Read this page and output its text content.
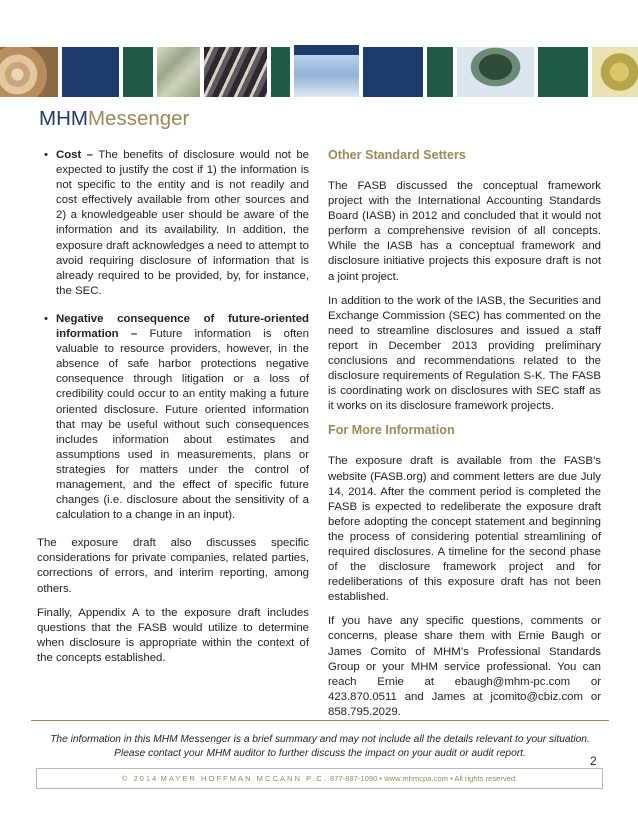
MHMMessenger
• Cost – The benefits of disclosure would not be expected to justify the cost if 1) the information is not specific to the entity and is not readily and cost effectively available from other sources and 2) a knowledgeable user should be aware of the information and its availability. In addition, the exposure draft acknowledges a need to attempt to avoid requiring disclosure of information that is already required to be provided, by, for instance, the SEC.
• Negative consequence of future-oriented information – Future information is often valuable to resource providers, however, in the absence of safe harbor protections negative consequence through litigation or a loss of credibility could occur to an entity making a future oriented disclosure. Future oriented information that may be useful without such consequences includes information about estimates and assumptions used in measurements, plans or strategies for matters under the control of management, and the effect of specific future changes (i.e. disclosure about the sensitivity of a calculation to a change in an input).

The exposure draft also discusses specific considerations for private companies, related parties, corrections of errors, and interim reporting, among others.

Finally, Appendix A to the exposure draft includes questions that the FASB would utilize to determine when disclosure is appropriate within the context of the concepts established.

Other Standard Setters

The FASB discussed the conceptual framework project with the International Accounting Standards Board (IASB) in 2012 and concluded that it would not perform a comprehensive revision of all concepts. While the IASB has a conceptual framework and disclosure initiative projects this exposure draft is not a joint project.

In addition to the work of the IASB, the Securities and Exchange Commission (SEC) has commented on the need to streamline disclosures and issued a staff report in December 2013 providing preliminary conclusions and recommendations related to the disclosure requirements of Regulation S-K. The FASB is coordinating work on disclosures with SEC staff as it works on its disclosure framework projects.

For More Information

The exposure draft is available from the FASB’s website (FASB.org) and comment letters are due July 14, 2014. After the comment period is completed the FASB is expected to redeliberate the exposure draft before adopting the concept statement and beginning the process of considering potential streamlining of required disclosures. A timeline for the second phase of the disclosure framework project and for redeliberations of this exposure draft has not been established.

If you have any specific questions, comments or concerns, please share them with Ernie Baugh or James Comito of MHM’s Professional Standards Group or your MHM service professional. You can reach Ernie at ebaugh@mhm-pc.com or 423.870.0511 and James at jcomito@cbiz.com or 858.795.2029.

The information in this MHM Messenger is a brief summary and may not include all the details relevant to your situation.
Please contact your MHM auditor to further discuss the impact on your audit or audit report.
2
© 2014 MAYER HOFFMAN MCCANN P.C. 877-887-1090 • www.mhmcpa.com • All rights reserved.
